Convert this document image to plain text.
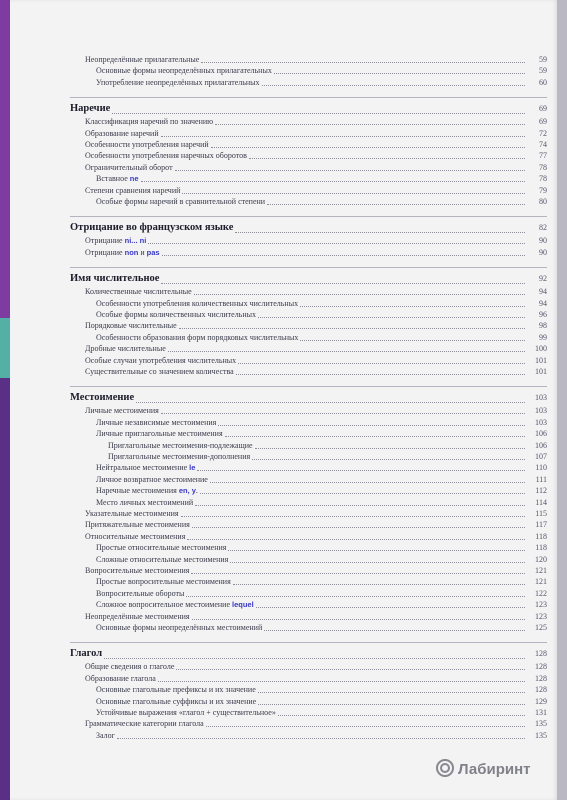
Неопределённые прилагательные	59
Основные формы неопределённых прилагательных	59
Употребление неопределённых прилагательных	60
Наречие	69
Классификация наречий по значению	69
Образование наречий	72
Особенности употребления наречий	74
Особенности употребления наречных оборотов	77
Ограничительный оборот	78
Вставное ne	78
Степени сравнения наречий	79
Особые формы наречий в сравнительной степени	80
Отрицание во французском языке	82
Отрицание ni... ni	90
Отрицание non и pas	90
Имя числительное	92
Количественные числительные	94
Особенности употребления количественных числительных	94
Особые формы количественных числительных	96
Порядковые числительные	98
Особенности образования форм порядковых числительных	99
Дробные числительные	100
Особые случаи употребления числительных	101
Существительные со значением количества	101
Местоимение	103
Личные местоимения	103
Личные независимые местоимения	103
Личные приглагольные местоимения	106
Приглагольные местоимения-подлежащие	106
Приглагольные местоимения-дополнения	107
Нейтральное местоимение le	110
Личное возвратное местоимение	111
Наречные местоимения en, y.	112
Место личных местоимений	114
Указательные местоимения	115
Притяжательные местоимения	117
Относительные местоимения	118
Простые относительные местоимения	118
Сложные относительные местоимения	120
Вопросительные местоимения	121
Простые вопросительные местоимения	121
Вопросительные обороты	122
Сложное вопросительное местоимение lequel	123
Неопределённые местоимения	123
Основные формы неопределённых местоимений	125
Глагол	128
Общие сведения о глаголе	128
Образование глагола	128
Основные глагольные префиксы и их значение	128
Основные глагольные суффиксы и их значение	129
Устойчивые выражения «глагол + существительное»	131
Грамматические категории глагола	135
Залог	135
Лабиринт
